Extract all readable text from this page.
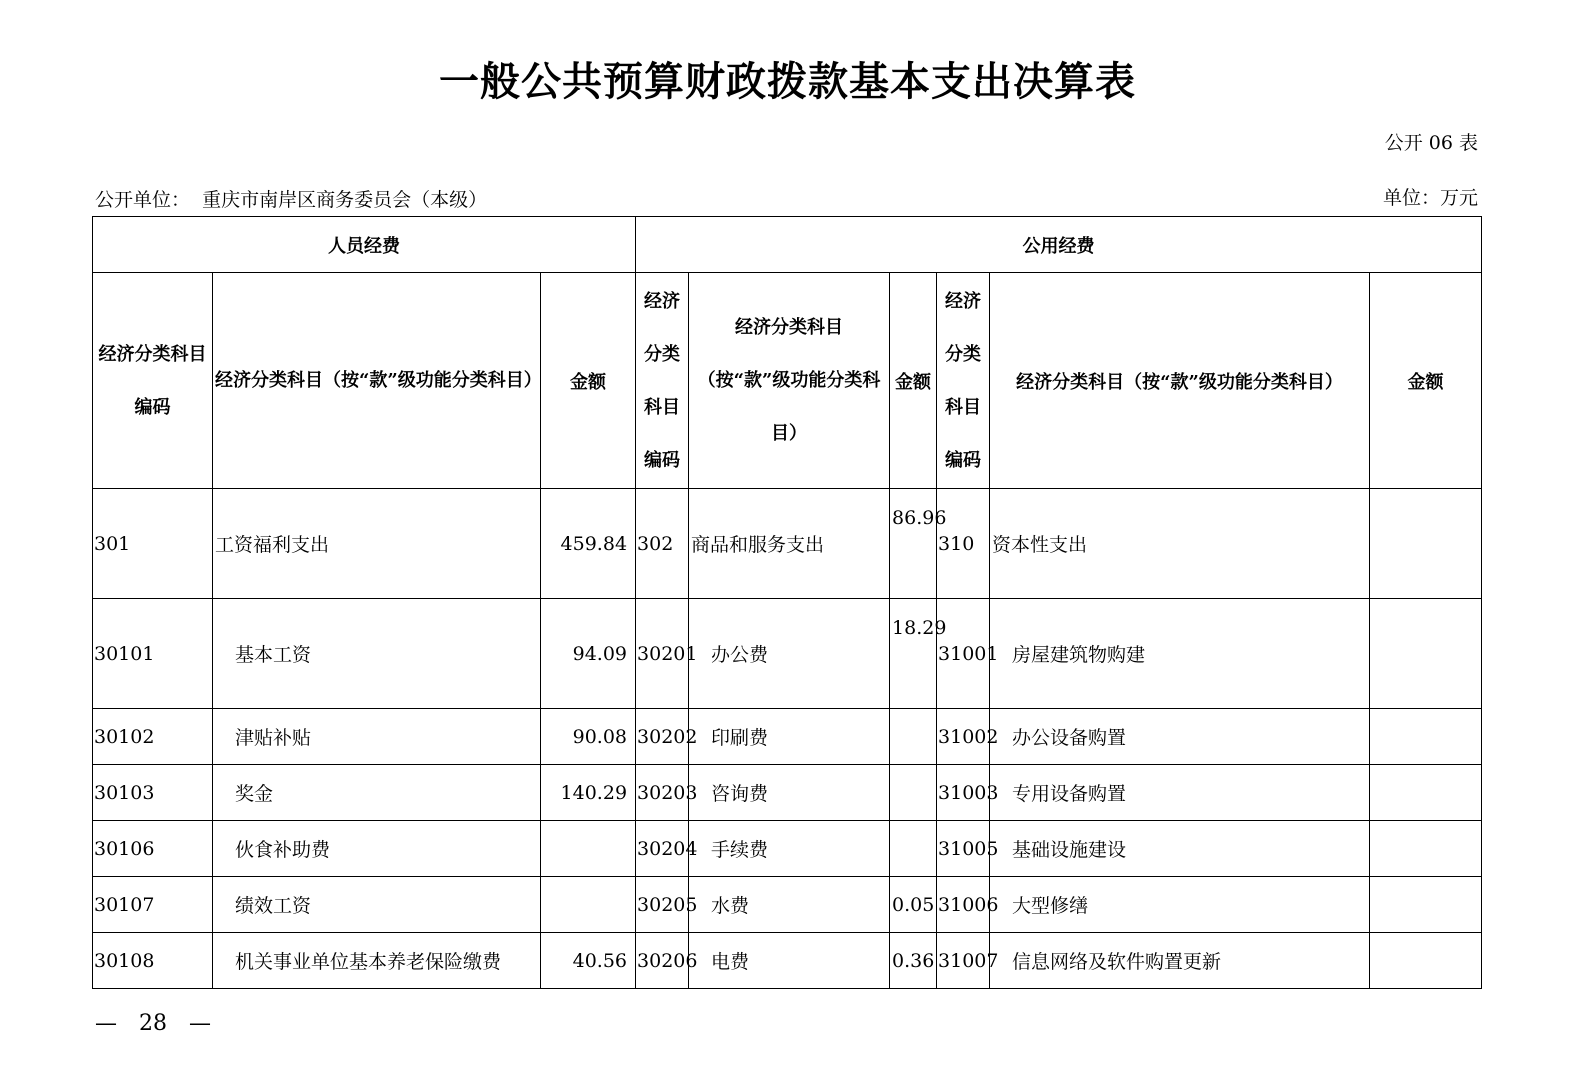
一般公共预算财政拨款基本支出决算表
公开 06 表
公开单位： 重庆市南岸区商务委员会（本级）	单位：万元
人员经费			公用经费					
经济分类科目编码	经济分类科目（按“款”级功能分类科目）	金额	经济分类科目编码	经济分类科目（按“款”级功能分类科目）	金额	经济分类科目编码	经济分类科目（按“款”级功能分类科目）	金额
301	工资福利支出	459.84	302	商品和服务支出	86.96	310	资本性支出	
30101	基本工资	94.09	30201	办公费	18.29	31001	房屋建筑物购建	
30102	津贴补贴	90.08	30202	印刷费		31002	办公设备购置	
30103	奖金	140.29	30203	咨询费		31003	专用设备购置	
30106	伙食补助费		30204	手续费		31005	基础设施建设	
30107	绩效工资		30205	水费	0.05	31006	大型修缮	
30108	机关事业单位基本养老保险缴费	40.56	30206	电费	0.36	31007	信息网络及软件购置更新	
—　28　—
